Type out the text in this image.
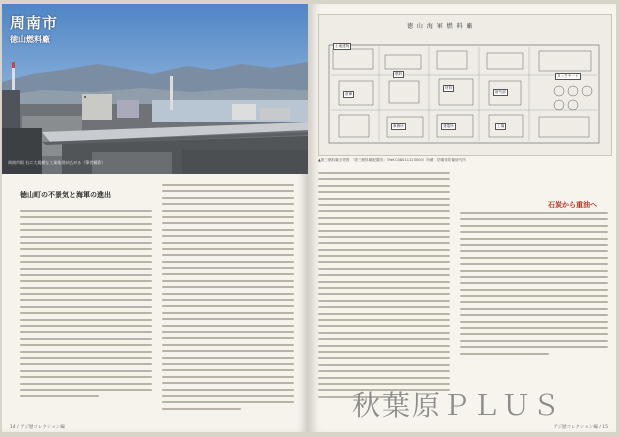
周南市
徳山燃料廠
周南市街 右に大規模な工業地帯が広がる（筆者撮影）
徳山町の不景気と海軍の進出
14 / アジ歴コレクション編
徳 山 海 軍 燃 料 廠
土地建物
タンクヤード
燃料
材料
倉庫	研究部
事務所	発電所	工場
▲第三燃料廠全景図 「第三燃料廠配置図」（Ref.C08011123000）所蔵：防衛省防衛研究所
石炭から重油へ
アジ歴コレクション編 / 15
秋葉原ＰＬＵＳ
